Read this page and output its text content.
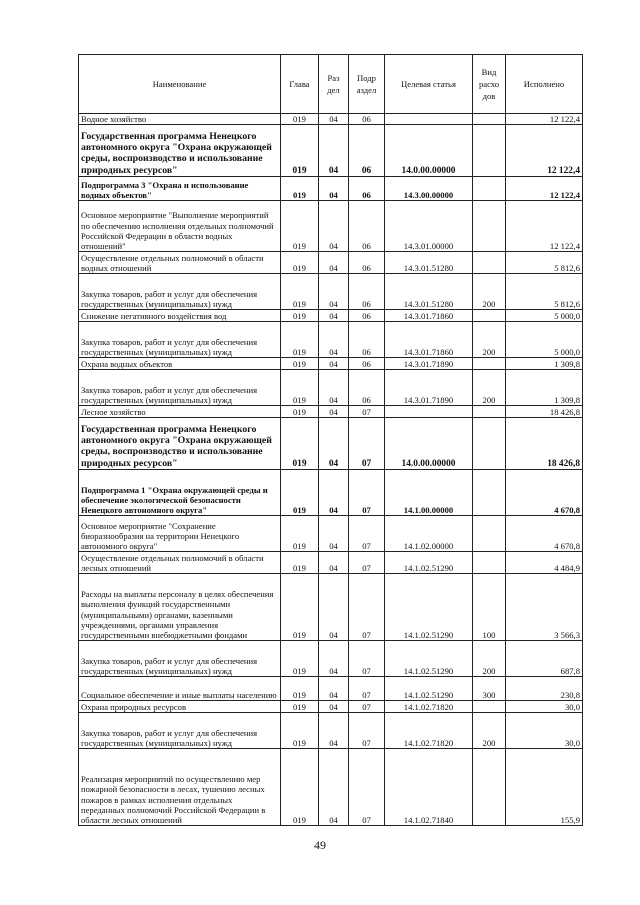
Наименование	Глава	Раз дел	Подр аздел	Целевая статья	Вид расхо дов	Исполнено
Водное хозяйство	019	04	06			12 122,4
Государственная программа Ненецкого автономного округа "Охрана окружающей среды, воспроизводство и использование природных ресурсов"	019	04	06	14.0.00.00000		12 122,4
Подпрограмма 3 "Охрана и использование водных объектов"	019	04	06	14.3.00.00000		12 122,4
Основное мероприятие "Выполнение мероприятий по обеспечению исполнения отдельных полномочий Российской Федерации в области водных отношений"	019	04	06	14.3.01.00000		12 122,4
Осуществление отдельных полномочий в области водных отношений	019	04	06	14.3.01.51280		5 812,6
Закупка товаров, работ и услуг для обеспечения государственных (муниципальных) нужд	019	04	06	14.3.01.51280	200	5 812,6
Снижение негативного воздействия вод	019	04	06	14.3.01.71860		5 000,0
Закупка товаров, работ и услуг для обеспечения государственных (муниципальных) нужд	019	04	06	14.3.01.71860	200	5 000,0
Охрана водных объектов	019	04	06	14.3.01.71890		1 309,8
Закупка товаров, работ и услуг для обеспечения государственных (муниципальных) нужд	019	04	06	14.3.01.71890	200	1 309,8
Лесное хозяйство	019	04	07			18 426,8
Государственная программа Ненецкого автономного округа "Охрана окружающей среды, воспроизводство и использование природных ресурсов"	019	04	07	14.0.00.00000		18 426,8
Подпрограмма 1 "Охрана окружающей среды и обеспечение экологической безопасности Ненецкого автономного округа"	019	04	07	14.1.00.00000		4 670,8
Основное мероприятие "Сохранение биоразнообразия на территории Ненецкого автономного округа"	019	04	07	14.1.02.00000		4 670,8
Осуществление отдельных полномочий в области лесных отношений	019	04	07	14.1.02.51290		4 484,9
Расходы на выплаты персоналу в целях обеспечения выполнения функций государственными (муниципальными) органами, казенными учреждениями, органами управления государственными внебюджетными фондами	019	04	07	14.1.02.51290	100	3 566,3
Закупка товаров, работ и услуг для обеспечения государственных (муниципальных) нужд	019	04	07	14.1.02.51290	200	687,8
Социальное обеспечение и иные выплаты населению	019	04	07	14.1.02.51290	300	230,8
Охрана природных ресурсов	019	04	07	14.1.02.71820		30,0
Закупка товаров, работ и услуг для обеспечения государственных (муниципальных) нужд	019	04	07	14.1.02.71820	200	30,0
Реализация мероприятий по осуществлению мер пожарной безопасности в лесах, тушению лесных пожаров в рамках исполнения отдельных переданных полномочий Российской Федерации в области лесных отношений	019	04	07	14.1.02.71840		155,9
49
